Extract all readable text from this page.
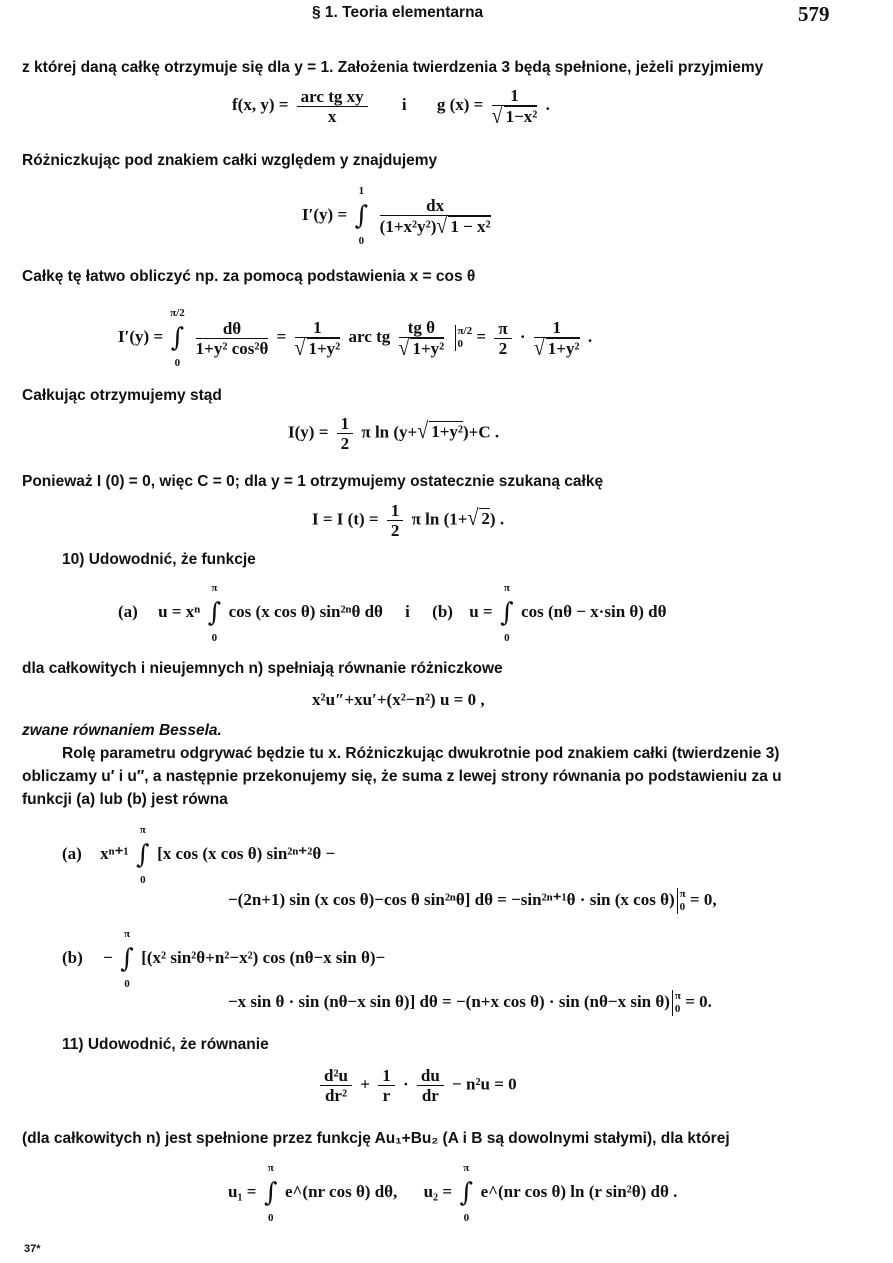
§ 1. Teoria elementarna	579
z której daną całkę otrzymuje się dla y = 1. Założenia twierdzenia 3 będą spełnione, jeżeli przyjmiemy
f(x, $y) = \frac{\text{arc tg xy}}{x}$ i g $(x) = \frac{1}{\text{√ 1−x²}}$ .
Różniczkując pod znakiem całki względem y znajdujemy
I′(y) =
1
∫
0

$\frac{dx}{\text{(1+x²y²)√ 1 − x²}}$
Całkę tę łatwo obliczyć np. za pomocą podstawienia x = cos θ
I′(y) =
π/2
∫
0

$\frac{d\theta}{\text{1+y² cos²θ}} = \frac{1}{\text{√ 1+y²}}$ arc tg $\frac{\text{tg θ}}{\text{√ 1+y²}} \pi/2$
$0 = \frac{\pi}{2} \cdot \frac{1}{\text{√ 1+y²}}$ .
Całkując otrzymujemy stąd
$I(y) = \frac{1}{2}$ π ln (y+√ 1+y²)+C .
Ponieważ I (0) = 0, więc C = 0; dla y = 1 otrzymujemy ostatecznie szukaną całkę
I = I $(t) = \frac{1}{2}$ π ln (1+√ 2) .
10) Udowodnić, że funkcje
(a) u = xⁿ
π
∫
0
cos (x cos θ) sin²ⁿθ dθ i (b) u =
π
∫
0
cos (nθ − x·sin θ) dθ
dla całkowitych i nieujemnych n) spełniają równanie różniczkowe
x²u″+xu′+(x²−n²) u = 0 ,
zwane równaniem Bessela.
Rolę parametru odgrywać będzie tu x. Różniczkując dwukrotnie pod znakiem całki (twierdzenie 3)
obliczamy u′ i u″, a następnie przekonujemy się, że suma z lewej strony równania po podstawieniu za u
funkcji (a) lub (b) jest równa
(a) xⁿ⁺¹
π
∫
0
[x cos (x cos θ) sin²ⁿ⁺²θ −
−(2n+1) sin (x cos θ)−cos θ sin²ⁿθ] dθ = −sin²ⁿ⁺¹θ · sin (x cos θ) π
0 = 0,
(b) −
π
∫
0
[(x² sin²θ+n²−x²) cos (nθ−x sin θ)−
−x sin θ · sin (nθ−x sin θ)] dθ = −(n+x cos θ) · sin (nθ−x sin θ) π
0 = 0.
11) Udowodnić, że równanie
$\frac{\text{d²u}}{\text{dr²}} + \frac{1}{r} \cdot \frac{du}{dr} - n^2u = 0$
(dla całkowitych n) jest spełnione przez funkcję Au₁+Bu₂ (A i B są dowolnymi stałymi), dla której
u₁ =
π
∫
0
e^(nr cos θ) dθ, u₂ =
π
∫
0
e^(nr cos θ) ln (r sin²θ) dθ .
37*
